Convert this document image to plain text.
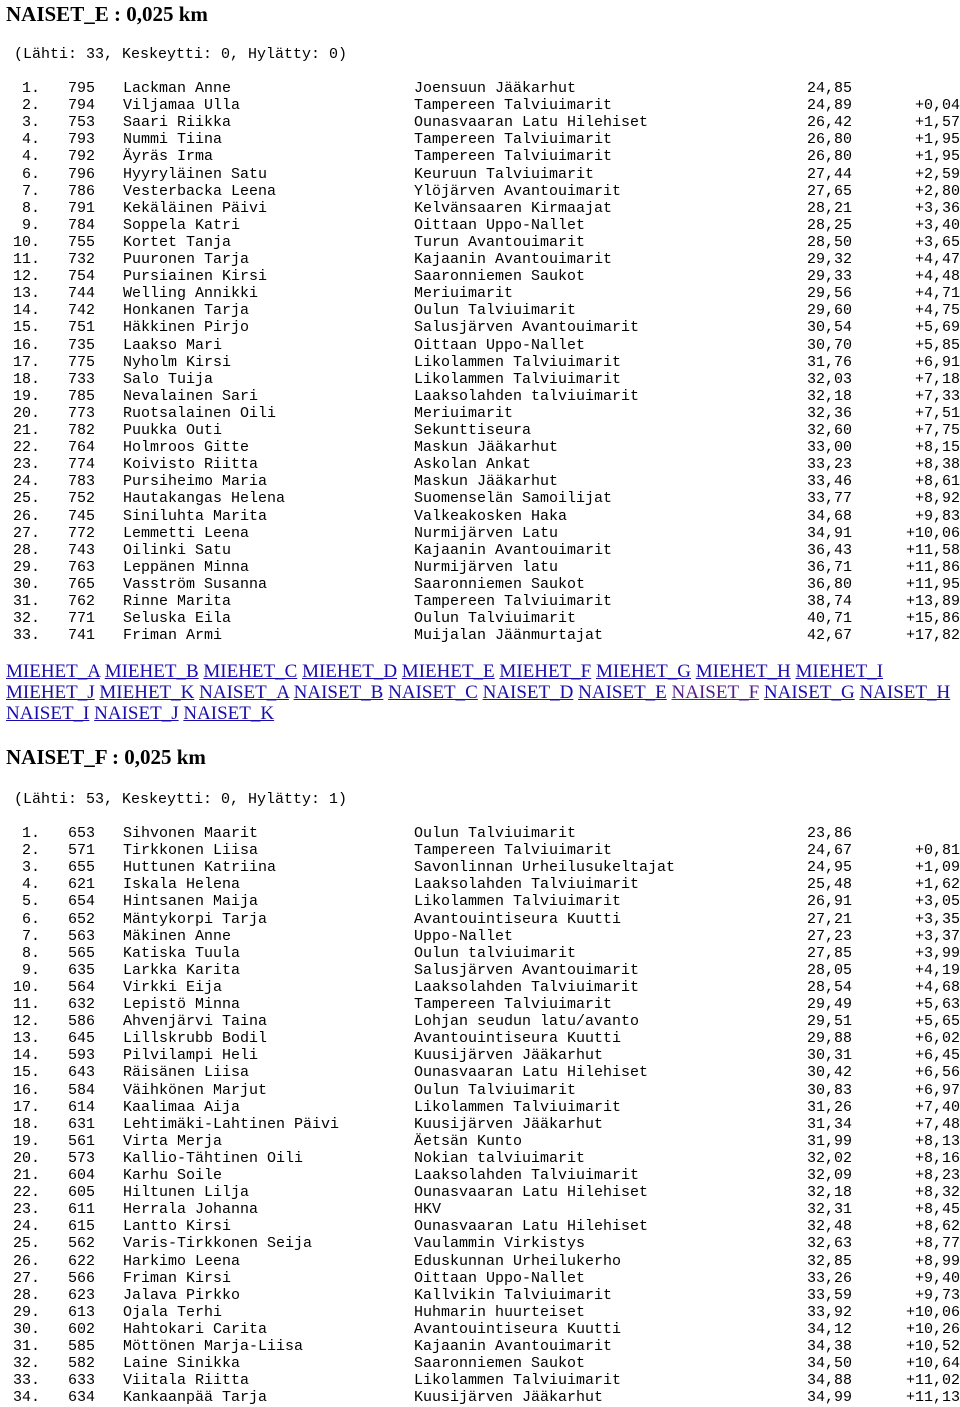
NAISET_E : 0,025 km
(Lähti: 33, Keskeytti: 0, Hylätty: 0)
1. 795 Lackman Anne	Joensuun Jääkarhut	24,85
2. 794 Viljamaa Ulla	Tampereen Talviuimarit	24,89	+0,04
3. 753 Saari Riikka	Ounasvaaran Latu Hilehiset	26,42	+1,57
4. 793 Nummi Tiina	Tampereen Talviuimarit	26,80	+1,95
4. 792 Äyräs Irma	Tampereen Talviuimarit	26,80	+1,95
6. 796 Hyyryläinen Satu	Keuruun Talviuimarit	27,44	+2,59
7. 786 Vesterbacka Leena	Ylöjärven Avantouimarit	27,65	+2,80
8. 791 Kekäläinen Päivi	Kelvänsaaren Kirmaajat	28,21	+3,36
9. 784 Soppela Katri	Oittaan Uppo-Nallet	28,25	+3,40
10. 755 Kortet Tanja	Turun Avantouimarit	28,50	+3,65
11. 732 Puuronen Tarja	Kajaanin Avantouimarit	29,32	+4,47
12. 754 Pursiainen Kirsi	Saaronniemen Saukot	29,33	+4,48
13. 744 Welling Annikki	Meriuimarit	29,56	+4,71
14. 742 Honkanen Tarja	Oulun Talviuimarit	29,60	+4,75
15. 751 Häkkinen Pirjo	Salusjärven Avantouimarit	30,54	+5,69
16. 735 Laakso Mari	Oittaan Uppo-Nallet	30,70	+5,85
17. 775 Nyholm Kirsi	Likolammen Talviuimarit	31,76	+6,91
18. 733 Salo Tuija	Likolammen Talviuimarit	32,03	+7,18
19. 785 Nevalainen Sari	Laaksolahden talviuimarit	32,18	+7,33
20. 773 Ruotsalainen Oili	Meriuimarit	32,36	+7,51
21. 782 Puukka Outi	Sekunttiseura	32,60	+7,75
22. 764 Holmroos Gitte	Maskun Jääkarhut	33,00	+8,15
23. 774 Koivisto Riitta	Askolan Ankat	33,23	+8,38
24. 783 Pursiheimo Maria	Maskun Jääkarhut	33,46	+8,61
25. 752 Hautakangas Helena	Suomenselän Samoilijat	33,77	+8,92
26. 745 Siniluhta Marita	Valkeakosken Haka	34,68	+9,83
27. 772 Lemmetti Leena	Nurmijärven Latu	34,91	+10,06
28. 743 Oilinki Satu	Kajaanin Avantouimarit	36,43	+11,58
29. 763 Leppänen Minna	Nurmijärven latu	36,71	+11,86
30. 765 Vasström Susanna	Saaronniemen Saukot	36,80	+11,95
31. 762 Rinne Marita	Tampereen Talviuimarit	38,74	+13,89
32. 771 Seluska Eila	Oulun Talviuimarit	40,71	+15,86
33. 741 Friman Armi	Muijalan Jäänmurtajat	42,67	+17,82
MIEHET_A MIEHET_B MIEHET_C MIEHET_D MIEHET_E MIEHET_F MIEHET_G MIEHET_H MIEHET_I MIEHET_J MIEHET_K NAISET_A NAISET_B NAISET_C NAISET_D NAISET_E NAISET_F NAISET_G NAISET_H NAISET_I NAISET_J NAISET_K
NAISET_F : 0,025 km
(Lähti: 53, Keskeytti: 0, Hylätty: 1)
1. 653 Sihvonen Maarit	Oulun Talviuimarit	23,86
2. 571 Tirkkonen Liisa	Tampereen Talviuimarit	24,67	+0,81
3. 655 Huttunen Katriina	Savonlinnan Urheilusukeltajat	24,95	+1,09
4. 621 Iskala Helena	Laaksolahden Talviuimarit	25,48	+1,62
5. 654 Hintsanen Maija	Likolammen Talviuimarit	26,91	+3,05
6. 652 Mäntykorpi Tarja	Avantouintiseura Kuutti	27,21	+3,35
7. 563 Mäkinen Anne	Uppo-Nallet	27,23	+3,37
8. 565 Katiska Tuula	Oulun talviuimarit	27,85	+3,99
9. 635 Larkka Karita	Salusjärven Avantouimarit	28,05	+4,19
10. 564 Virkki Eija	Laaksolahden Talviuimarit	28,54	+4,68
11. 632 Lepistö Minna	Tampereen Talviuimarit	29,49	+5,63
12. 586 Ahvenjärvi Taina	Lohjan seudun latu/avanto	29,51	+5,65
13. 645 Lillskrubb Bodil	Avantouintiseura Kuutti	29,88	+6,02
14. 593 Pilvilampi Heli	Kuusijärven Jääkarhut	30,31	+6,45
15. 643 Räisänen Liisa	Ounasvaaran Latu Hilehiset	30,42	+6,56
16. 584 Väihkönen Marjut	Oulun Talviuimarit	30,83	+6,97
17. 614 Kaalimaa Aija	Likolammen Talviuimarit	31,26	+7,40
18. 631 Lehtimäki-Lahtinen Päivi	Kuusijärven Jääkarhut	31,34	+7,48
19. 561 Virta Merja	Äetsän Kunto	31,99	+8,13
20. 573 Kallio-Tähtinen Oili	Nokian talviuimarit	32,02	+8,16
21. 604 Karhu Soile	Laaksolahden Talviuimarit	32,09	+8,23
22. 605 Hiltunen Lilja	Ounasvaaran Latu Hilehiset	32,18	+8,32
23. 611 Herrala Johanna	HKV	32,31	+8,45
24. 615 Lantto Kirsi	Ounasvaaran Latu Hilehiset	32,48	+8,62
25. 562 Varis-Tirkkonen Seija	Vaulammin Virkistys	32,63	+8,77
26. 622 Harkimo Leena	Eduskunnan Urheilukerho	32,85	+8,99
27. 566 Friman Kirsi	Oittaan Uppo-Nallet	33,26	+9,40
28. 623 Jalava Pirkko	Kallvikin Talviuimarit	33,59	+9,73
29. 613 Ojala Terhi	Huhmarin huurteiset	33,92	+10,06
30. 602 Hahtokari Carita	Avantouintiseura Kuutti	34,12	+10,26
31. 585 Möttönen Marja-Liisa	Kajaanin Avantouimarit	34,38	+10,52
32. 582 Laine Sinikka	Saaronniemen Saukot	34,50	+10,64
33. 633 Viitala Riitta	Likolammen Talviuimarit	34,88	+11,02
34. 634 Kankaanpää Tarja	Kuusijärven Jääkarhut	34,99	+11,13
